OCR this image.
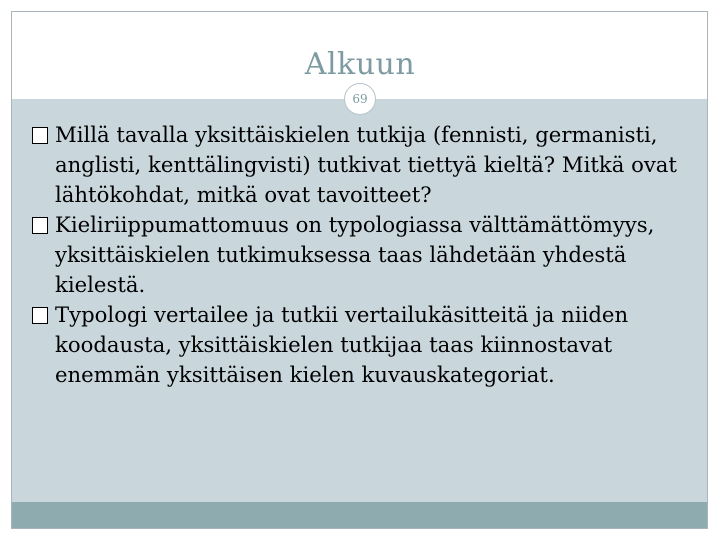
Alkuun
69
Millä tavalla yksittäiskielen tutkija (fennisti, germanisti, anglisti, kenttälingvisti) tutkivat tiettyä kieltä? Mitkä ovat lähtökohdat, mitkä ovat tavoitteet?
Kieliriippumattomuus on typologiassa välttämättömyys, yksittäiskielen tutkimuksessa taas lähdetään yhdestä kielestä.
Typologi vertailee ja tutkii vertailukäsitteitä ja niiden koodausta, yksittäiskielen tutkijaa taas kiinnostavat enemmän yksittäisen kielen kuvauskategoriat.
